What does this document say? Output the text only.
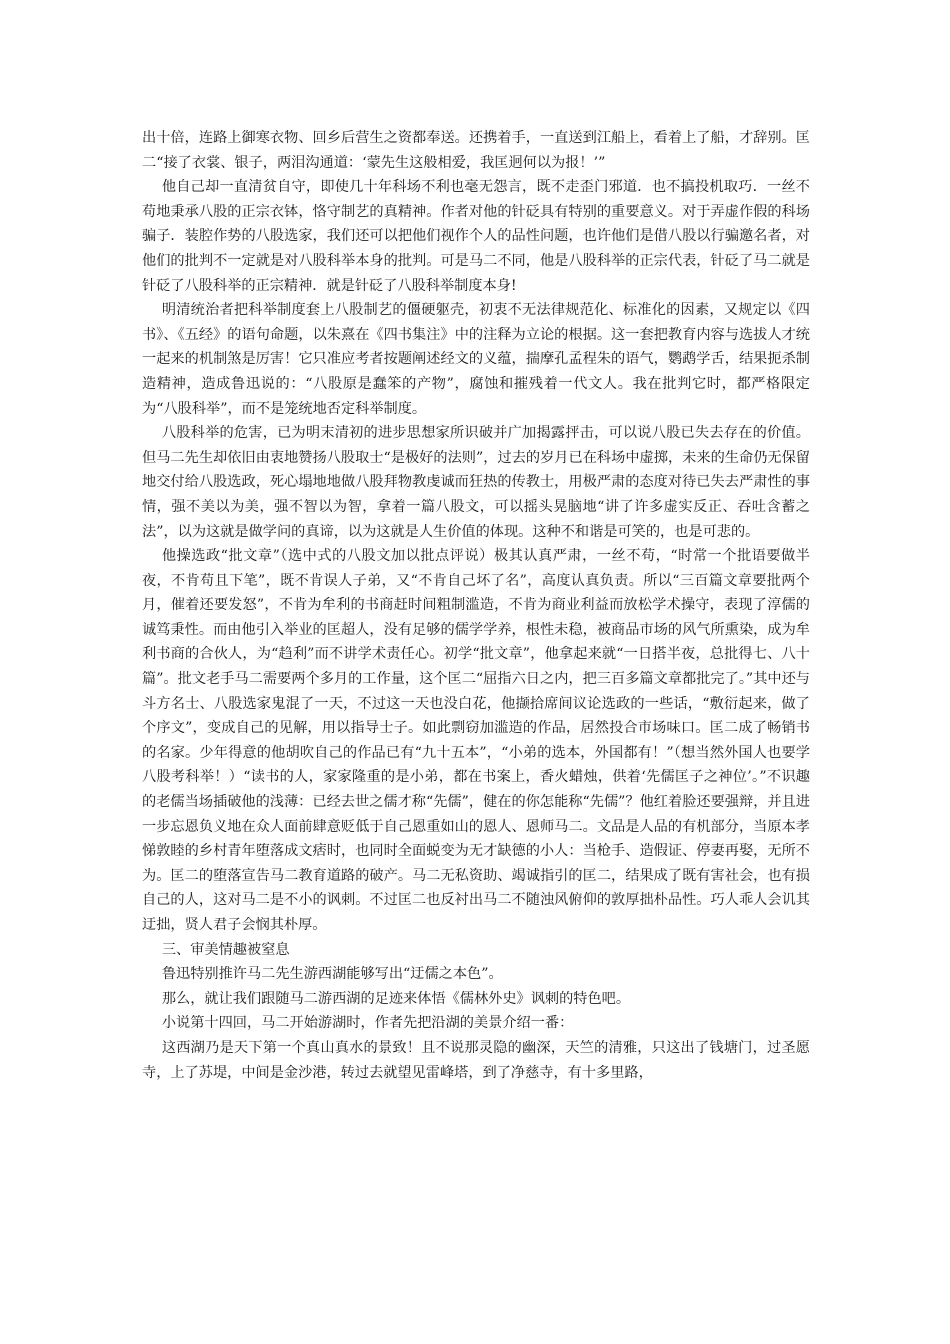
出十倍，连路上御寒衣物、回乡后营生之资都奉送。还携着手，一直送到江船上，看着上了船，才辞别。匡二“接了衣裳、银子，两泪沟通道：‘蒙先生这般相爱，我匡迥何以为报！’”

他自己却一直清贫自守，即使几十年科场不利也毫无怨言，既不走歪门邪道．也不搞投机取巧．一丝不苟地秉承八股的正宗衣钵，恪守制艺的真精神。作者对他的针砭具有特别的重要意义。对于弄虚作假的科场骗子．装腔作势的八股选家，我们还可以把他们视作个人的品性问题，也许他们是借八股以行骗邀名者，对他们的批判不一定就是对八股科举本身的批判。可是马二不同，他是八股科举的正宗代表，针砭了马二就是针砭了八股科举的正宗精神．就是针砭了八股科举制度本身!

明清统治者把科举制度套上八股制艺的僵硬躯壳，初衷不无法律规范化、标准化的因素，又规定以《四书》、《五经》的语句命题，以朱熹在《四书集注》中的注释为立论的根据。这一套把教育内容与选拔人才统一起来的机制煞是厉害！它只准应考者按题阐述经文的义蕴，揣摩孔孟程朱的语气，鹦鹉学舌，结果扼杀制造精神，造成鲁迅说的：“八股原是蠢笨的产物”，腐蚀和摧残着一代文人。我在批判它时，都严格限定为“八股科举”，而不是笼统地否定科举制度。

八股科举的危害，已为明末清初的进步思想家所识破并广加揭露抨击，可以说八股已失去存在的价值。但马二先生却依旧由衷地赞扬八股取士“是极好的法则”，过去的岁月已在科场中虚掷，未来的生命仍无保留地交付给八股选政，死心塌地地做八股拜物教虔诚而狂热的传教士，用极严肃的态度对待已失去严肃性的事情，强不美以为美，强不智以为智，拿着一篇八股文，可以摇头晃脑地“讲了许多虚实反正、吞吐含蓄之法”，以为这就是做学问的真谛，以为这就是人生价值的体现。这种不和谐是可笑的，也是可悲的。

他操选政“批文章”（选中式的八股文加以批点评说）极其认真严肃，一丝不苟，“时常一个批语要做半夜，不肯苟且下笔”，既不肯误人子弟，又“不肯自己坏了名”，高度认真负责。所以“三百篇文章要批两个月，催着还要发怒”，不肯为牟利的书商赶时间粗制滥造，不肯为商业利益而放松学术操守，表现了淳儒的诚笃秉性。而由他引入举业的匡超人，没有足够的儒学学养，根性未稳，被商品市场的风气所熏染，成为牟利书商的合伙人，为“趋利”而不讲学术责任心。初学“批文章”，他拿起来就“一日搭半夜，总批得七、八十篇”。批文老手马二需要两个多月的工作量，这个匡二“屈指六日之内，把三百多篇文章都批完了。”其中还与斗方名士、八股选家鬼混了一天，不过这一天也没白花，他撷拾席间议论选政的一些话，“敷衍起来，做了个序文”，变成自己的见解，用以指导士子。如此剽窃加滥造的作品，居然投合市场味口。匡二成了畅销书的名家。少年得意的他胡吹自己的作品已有“九十五本”，“小弟的选本，外国都有！”（想当然外国人也要学八股考科举！）“读书的人，家家隆重的是小弟，都在书案上，香火蜡烛，供着‘先儒匡子之神位’。”不识趣的老儒当场插破他的浅薄：已经去世之儒才称“先儒”，健在的你怎能称“先儒”？他红着脸还要强辩，并且进一步忘恩负义地在众人面前肆意贬低于自己恩重如山的恩人、恩师马二。文品是人品的有机部分，当原本孝悌敦睦的乡村青年堕落成文痞时，也同时全面蜕变为无才缺德的小人：当枪手、造假证、停妻再娶，无所不为。匡二的堕落宣告马二教育道路的破产。马二无私资助、竭诚指引的匡二，结果成了既有害社会，也有损自己的人，这对马二是不小的讽刺。不过匡二也反衬出马二不随浊风俯仰的敦厚拙朴品性。巧人乖人会讥其迂拙，贤人君子会悯其朴厚。

三、审美情趣被窒息

鲁迅特别推许马二先生游西湖能够写出“迂儒之本色”。

那么，就让我们跟随马二游西湖的足迹来体悟《儒林外史》讽刺的特色吧。

小说第十四回，马二开始游湖时，作者先把沿湖的美景介绍一番：

这西湖乃是天下第一个真山真水的景致！且不说那灵隐的幽深，天竺的清雅，只这出了钱塘门，过圣愿寺，上了苏堤，中间是金沙港，转过去就望见雷峰塔，到了净慈寺，有十多里路，
